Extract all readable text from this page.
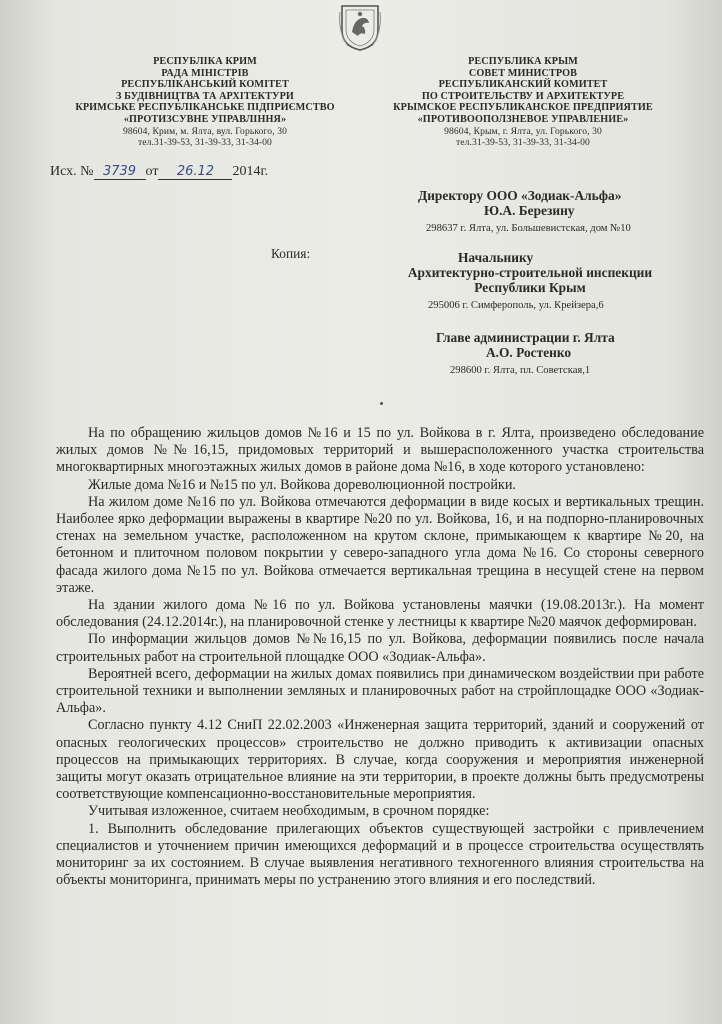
РЕСПУБЛІКА КРИМ
РАДА МІНІСТРІВ
РЕСПУБЛІКАНСЬКИЙ КОМІТЕТ
З БУДІВНИЦТВА ТА АРХІТЕКТУРИ
КРИМСЬКЕ РЕСПУБЛІКАНСЬКЕ ПІДПРИЄМСТВО
«ПРОТИЗСУВНЕ УПРАВЛІННЯ»
98604, Крим, м. Ялта, вул. Горького, 30
тел.31-39-53, 31-39-33, 31-34-00
РЕСПУБЛИКА КРЫМ
СОВЕТ МИНИСТРОВ
РЕСПУБЛИКАНСКИЙ КОМИТЕТ
ПО СТРОИТЕЛЬСТВУ И АРХИТЕКТУРЕ
КРЫМСКОЕ РЕСПУБЛИКАНСКОЕ ПРЕДПРИЯТИЕ
«ПРОТИВООПОЛЗНЕВОЕ УПРАВЛЕНИЕ»
98604, Крым, г. Ялта, ул. Горького, 30
тел.31-39-53, 31-39-33, 31-34-00
Исх. № 3739 от 26.12 2014г.
Директору ООО «Зодиак-Альфа»
Ю.А. Березину
298637 г. Ялта, ул. Большевистская, дом №10
Копия:	Начальнику
Архитектурно-строительной инспекции
Республики Крым
295006 г. Симферополь, ул. Крейзера,6
Главе администрации г. Ялта
А.О. Ростенко
298600 г. Ялта, пл. Советская,1

На по обращению жильцов домов №16 и 15 по ул. Войкова в г. Ялта, произведено обследование жилых домов №№16,15, придомовых территорий и вышерасположенного участка строительства многоквартирных многоэтажных жилых домов в районе дома №16, в ходе которого установлено:

Жилые дома №16 и №15 по ул. Войкова дореволюционной постройки.

На жилом доме №16 по ул. Войкова отмечаются деформации в виде косых и вертикальных трещин. Наиболее ярко деформации выражены в квартире №20 по ул. Войкова, 16, и на подпорно-планировочных стенах на земельном участке, расположенном на крутом склоне, примыкающем к квартире №20, на бетонном и плиточном половом покрытии у северо-западного угла дома №16. Со стороны северного фасада жилого дома №15 по ул. Войкова отмечается вертикальная трещина в несущей стене на первом этаже.

На здании жилого дома №16 по ул. Войкова установлены маячки (19.08.2013г.). На момент обследования (24.12.2014г.), на планировочной стенке у лестницы к квартире №20 маячок деформирован.

По информации жильцов домов №№16,15 по ул. Войкова, деформации появились после начала строительных работ на строительной площадке ООО «Зодиак-Альфа».

Вероятней всего, деформации на жилых домах появились при динамическом воздействии при работе строительной техники и выполнении земляных и планировочных работ на стройплощадке ООО «Зодиак-Альфа».

Согласно пункту 4.12 СниП 22.02.2003 «Инженерная защита территорий, зданий и сооружений от опасных геологических процессов» строительство не должно приводить к активизации опасных процессов на примыкающих территориях. В случае, когда сооружения и мероприятия инженерной защиты могут оказать отрицательное влияние на эти территории, в проекте должны быть предусмотрены соответствующие компенсационно-восстановительные мероприятия.

Учитывая изложенное, считаем необходимым, в срочном порядке:

1. Выполнить обследование прилегающих объектов существующей застройки с привлечением специалистов и уточнением причин имеющихся деформаций и в процессе строительства осуществлять мониторинг за их состоянием. В случае выявления негативного техногенного влияния строительства на объекты мониторинга, принимать меры по устранению этого влияния и его последствий.
